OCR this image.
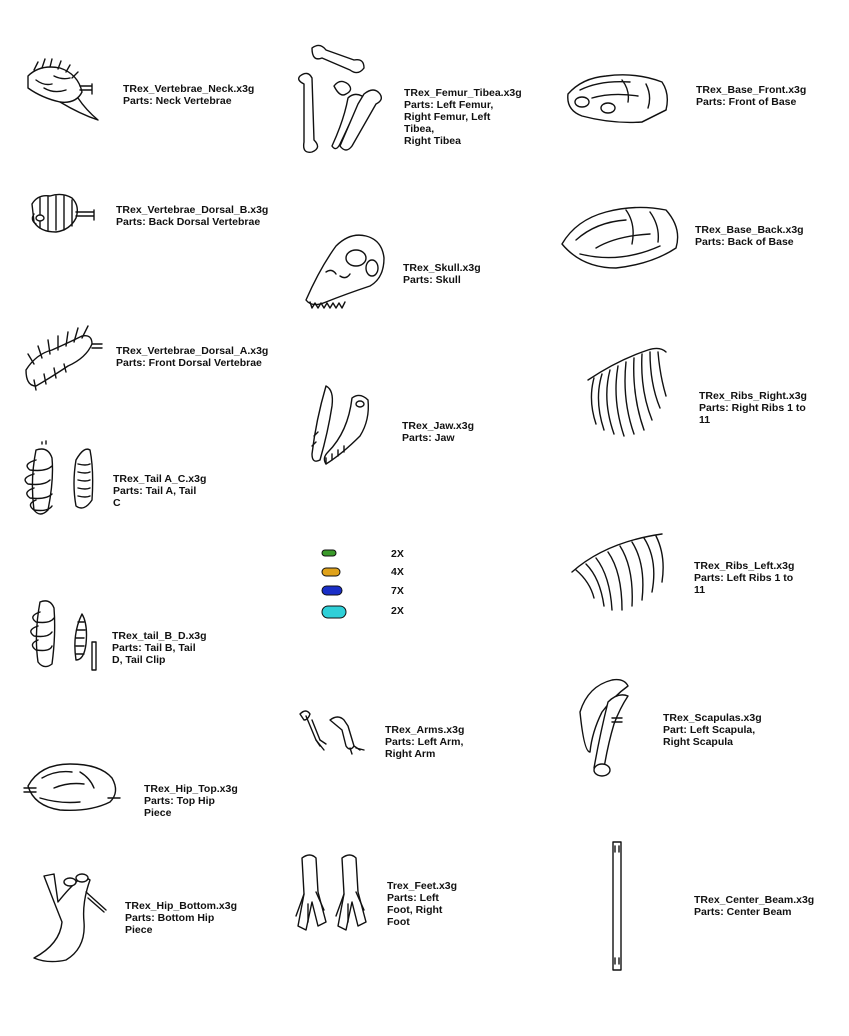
TRex_Vertebrae_Neck.x3g
Parts: Neck Vertebrae
TRex_Vertebrae_Dorsal_B.x3g
Parts: Back Dorsal Vertebrae
TRex_Vertebrae_Dorsal_A.x3g
Parts: Front Dorsal Vertebrae
TRex_Tail A_C.x3g
Parts: Tail A, Tail C
TRex_tail_B_D.x3g
Parts: Tail B, Tail D, Tail Clip
TRex_Hip_Top.x3g
Parts: Top Hip Piece
TRex_Hip_Bottom.x3g
Parts: Bottom Hip Piece
TRex_Femur_Tibea.x3g
Parts: Left Femur,
Right Femur, Left Tibea,
Right Tibea
TRex_Skull.x3g
Parts: Skull
TRex_Jaw.x3g
Parts: Jaw
2X
4X
7X
2X
TRex_Arms.x3g
Parts: Left Arm, Right Arm
Trex_Feet.x3g
Parts: Left Foot, Right Foot
TRex_Base_Front.x3g
Parts: Front of Base
TRex_Base_Back.x3g
Parts: Back of Base
TRex_Ribs_Right.x3g
Parts: Right Ribs 1 to 11
TRex_Ribs_Left.x3g
Parts: Left Ribs 1 to 11
TRex_Scapulas.x3g
Part: Left Scapula, Right Scapula
TRex_Center_Beam.x3g
Parts: Center Beam
